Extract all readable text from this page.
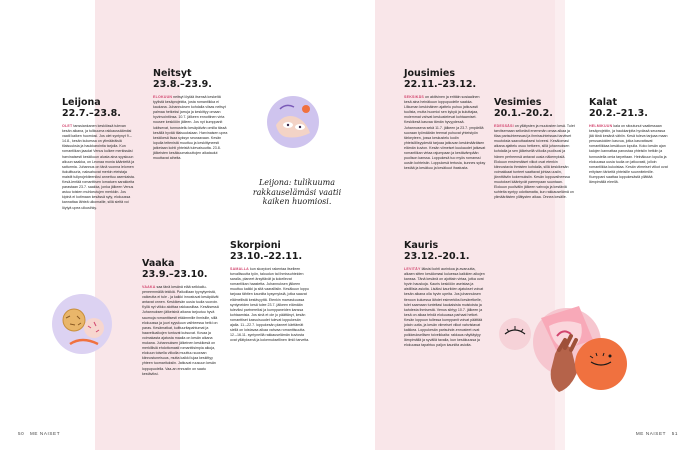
Leijona
22.7.–23.8.

OLET tanssiankanen keskiössä tulevan kesän aikana, ja tulikuuma rakkaussäämäsi vaatii kaiken huomiosi. Jos olet syntynyt 9.–14.8., kesän kuluessa on ylimääräisiä tilaisuuksia ja haukkarointia tarjolla. Kun romantiikan jaaolat Venus kulkee merkissäsi harvinaisesti keskikuun alusta aina syyskuun alkuun saakka, on Leonaa monia käänteitä ja satturmia. Juhannus on tänä vuonna lelomen itukulttuuria, naksahuvat merkin eteistaja maistit tuliprojektieeniksi annettuu asemiaista. Kesä-lentää romanttisen lomatuen sarakkeita parastaan 23.7. saakka, jonka jälkeen Venus astuu toisten muhkeutujen merkkiin. Jos kipinä ei kotimaan kesässä syty, elokuussa kannattaa lähteä ulkomaille, sillä sieltä voi löytyä upea ulkusihky.

Neitsyt
23.8.–23.9.

ELOKUUN neitsyt löytää itsensä keskeltä tyylistä kesäprojektia, josta romantiikka ei kaukana. Juhannuksen kohdalla viisas neitsyt palmaa hetkeksi jarruja ja keskittyy omaan hyvinvointiinsa. 10.7. jälkeen ennottinen virta nousee keskiöön jälleen. Jos nyt kumppanit lukitsevat, tunnustellu kesäpäivän omilla tässä kesällä hyvää tilaisuuksiaan. Harvinaisen upea keskikesä lisaa syksyn seuraavaan. Kesän lopulla teitenistä muuttuu ja keskittyneesti jatketaan kohti yhteistä tulevaisuutta. 23.8. jälkeisten kesäkuumatuuttojen aikataulut muuttavat aiheita.

Vaaka
23.9.–23.10.

VAAKA saa tänä kesänä elää seikkailu-peneemmällä tekikiä. Paikoillaan tyynytymistä, vaikeutta ei tule - ja kaikki innostuvat kesäpäivät antavat onnen. Keskikesän uusia tuulia vuoroin. Kyllä nyt viikko aloittaa rakkausiltaa. Kesäisessä Juhannuksen jälkeisinä aikana tarjoutuu hyvä saumoja romanttisesti etäämmille ihmisille, sillä elokuussa ja juuri syyskuun vaihteessa hetki on paras. Kesämatkat, kulttuuritapahtumat ja haaveiluaikojen tuntuvat kutsuvat. Kovaa ja voimakasta ajatusta maalla on kesän aikana mukana. Juhannuksen jälkeinen keskikesä on merkillisiä ehdottomasti romanttisimpia aikoja, elokuun toisella viikolla muuttuu suoraan kiinnostuneisuus, mutta kaikki lujaa keskittyy yhteen tuomarituksiin. Jatkuvat ruusuun kesän loppupuolella. Vaa-an ennustin on saatu kestäviksi.

Skorpioni
23.10.–22.11.

SAMALLA kun skorpioni rakentaa itselleen turvallisuutta työn, taloudun tai ihmissuhteiden saralla, planeet ärsyttävät ja kokeilevat romantiikan haastetta. Juhannuksen jälkeen muuttuu kaikki ja sitä vaarallisiin. Kesäkuun loppu tarjoaa tähtien kauniita kysymyksiä, jotka saavat eläimellistä kestävyyttä. Etenkin marraskuussa syntyneiden kesä tulee 23.7. jälkeen elämään tuleviksi partnereiksi ja kumppaneiden kanssa kohtaamisia. Jos sinä et ole jo päättänyt, kesän romanttiset kasvuisuudet tulevat loppukesän ajalla. 11.–22.7. loppukesän planeet kärttämät siellä on loistavaa aikaa vahvaa romanttisuutta. 12.–16.11. syntyneillä rakkauselämän kuviosta ovat yllätyksenä ja kokemuksellinen ilmiö tarvetta.

Jousimies
22.11.–23.12.

SEKSIKÄS on aktiivinen ja erittäin sosiaalinen kesä aina heinäkuun loppupuolelle saakka. Lilkuman keskinäinen ajattelu puhuu jatkuvasti tuulista, mutta huomioi sen kykyä ja kuluttajaa, molemmat vahvat keskustelevat kohtaamiset. Keskikesä kasvaa tämän hyvyydessä. Juhannusena sekä 11.7. jälkeen ja 23.7. ympärillä suoraan työmäärän teemat puhuvat yhteistyön tärkeyteen, jossa keskustelu kodin yhteisöllisyydestä tarjoaa jatkuvan keskimääräisen elämän kuvion. Kesän viimeiset kuukaudet jatkavat romantiikan virtaa rajumpaan ja kestävämpään puolison kanssa. Loppukesä tuo myös romanssi uusiin kohteisiin. Loppukesä tertusia, kunnes syksy kestää ja kesäkuu ja kesäkuut ihastusta.

Kauris
23.12.–20.1.

LEVITÄY läksisi kohti aurinkoa ja avaruutta, alkaen sitten kesälomasi kuluessa kaikkien aikojen kanssa. Tänä kesänä on ajoittain virtaa, jotka ovat hyvin hauskoja. Kauris keskiöön aseistaa ja aistillisia asioita. Lisäksi kauriiden ajatukset voivat kesän aikana olla hyvin upeita. Jos juhannuksen tienoon kuluessa lähdet esimerkiksi kesäretkelle, tulet saamaan tunteitasi kaukaisista muistoista ja kahdesta ihmisestä. Venus siirtyy 10.7. jälkeen ja kesä on aikaa tehdä elokuussa parhaat hetket. Kesän loppuun tullessa kumppanit voivat päättää jotain uutta, ja kesän viimeiset viikot vahvistavat kaikkea. Loppukesän parisuhde-ennusteet ovat poikkeuksellisen toiveikkaita: rakkaus näyttäytyy lämpimällä ja syvällä tavalla, kun kesäkuussa ja elokuussa tapahtuu paljon kauniita asioita.

Vesimies
20.1.–20.2.

EDESSÄSI on yllätysten ja muutosten kesä. Tulet tarvitsemaan selkeästi enemmän omaa aikaa ja tilaa parisuhteessasi ja ihmissuhteissasi tarvitset muutoksia saavuttaaksesi toiveesi. Kesälomasi aikana ajattelu osuu hetkeen, sillä juhannuksen kohdalla ja sen jälkeisellä viikolla puolisosi ja hänen perheensä antavat uusia näkemyksiä. Elokuun ensimmäiset viikot ovat etenkin kiinnostavia ihmisten kohdalla, sillä keskikesän voimakkaat tunteet saattavat johtaa uusiin, jännittäviin kokemuksiin. Kesän loppuvaiheessa muutokset kääntyvät parempaan suuntaan. Elokuun puolivälin jälkeen vahvoja ja kestäviä suhteita syntyy odottamatta, kun rakkauselämä on ylimääräisten yllätysten aikaa. Onnea kesälle.

Kalat
20.2.–21.3.

HELMIKUUN kala on sitoutunut vaatiessaan kesäprojektin, ja haukkaripita hyvässä seurassa jää tänä kesänä vähiin. Kesä tuleva tarjoaa maan perusasioiden kasvua, jotka kasvattavat romantiikkaa kesäkuun lopulla. Koko kesän ajan kalojen kannattaa panostaa yhteisiin hetkiin ja tunnustella omia tarpeitaan. Heinäkuun lopulla ja elokuussa uusia tuulia on jatkuvasti, jolloin romantiikka kukoistaa. Kesän viimeiset viikot ovat erityisen tärkeitä yhteisille suunnitelmille. Kumppani saattaa loppukesästä yllättää lämpimällä eleellä.

Leijona: tulikuuma rakkauselämäsi vaatii kaiken huomiosi.
50 ME NAISET	ME NAISET 51
